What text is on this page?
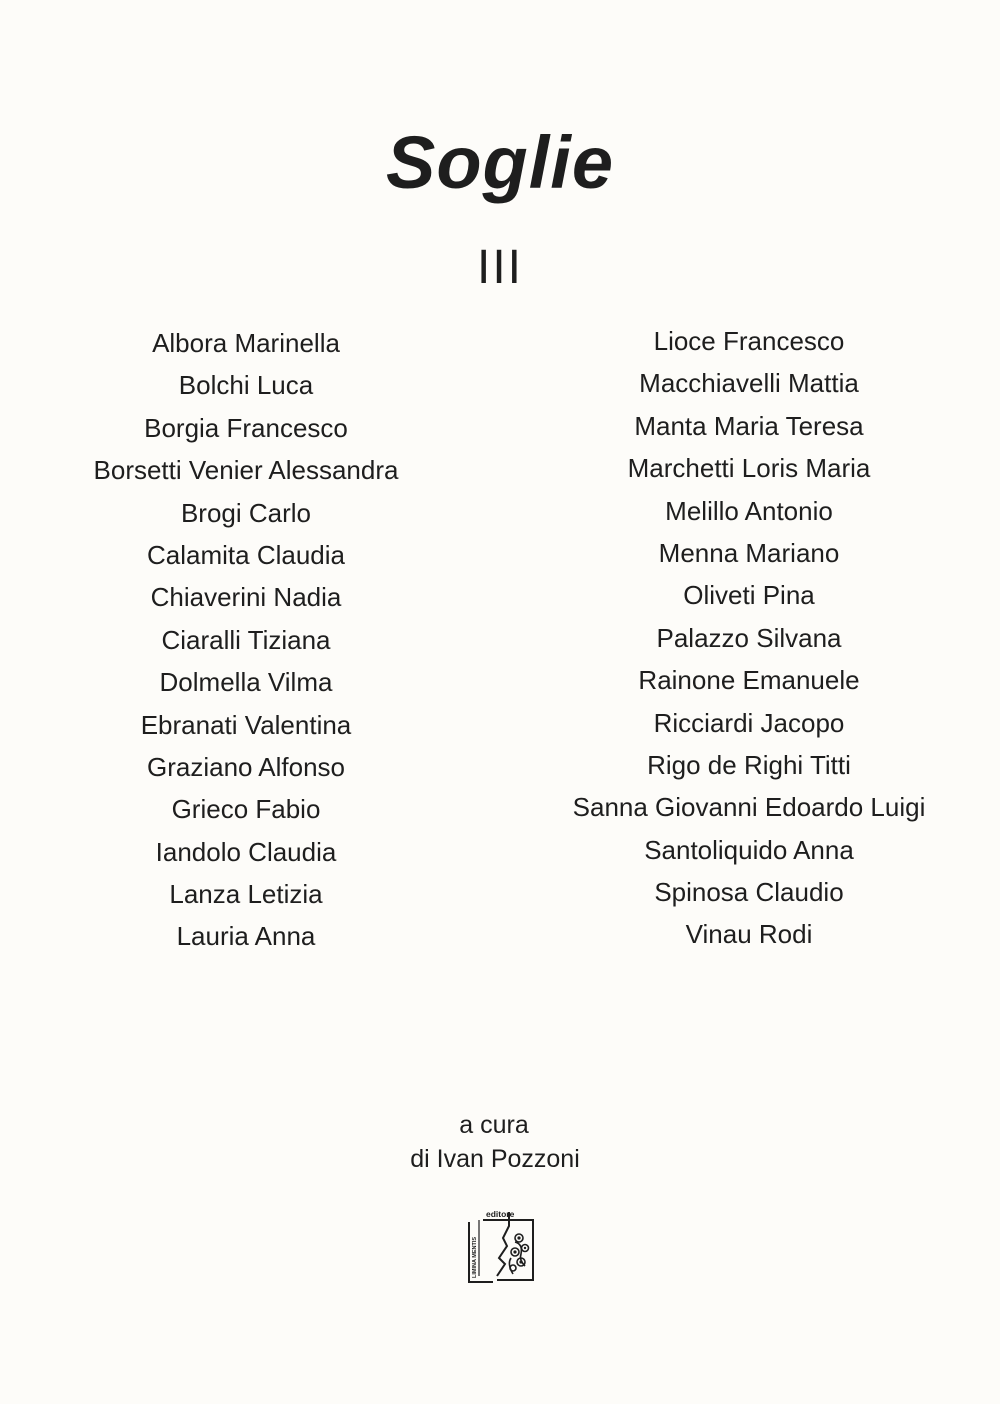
Soglie
III
Albora Marinella
Bolchi Luca
Borgia Francesco
Borsetti Venier Alessandra
Brogi Carlo
Calamita Claudia
Chiaverini Nadia
Ciaralli Tiziana
Dolmella Vilma
Ebranati Valentina
Graziano Alfonso
Grieco Fabio
Iandolo Claudia
Lanza Letizia
Lauria Anna
Lioce Francesco
Macchiavelli Mattia
Manta Maria Teresa
Marchetti Loris Maria
Melillo Antonio
Menna Mariano
Oliveti Pina
Palazzo Silvana
Rainone Emanuele
Ricciardi Jacopo
Rigo de Righi Titti
Sanna Giovanni Edoardo Luigi
Santoliquido Anna
Spinosa Claudio
Vinau Rodi
a cura
di Ivan Pozzoni
editore
LIMINA MENTIS
